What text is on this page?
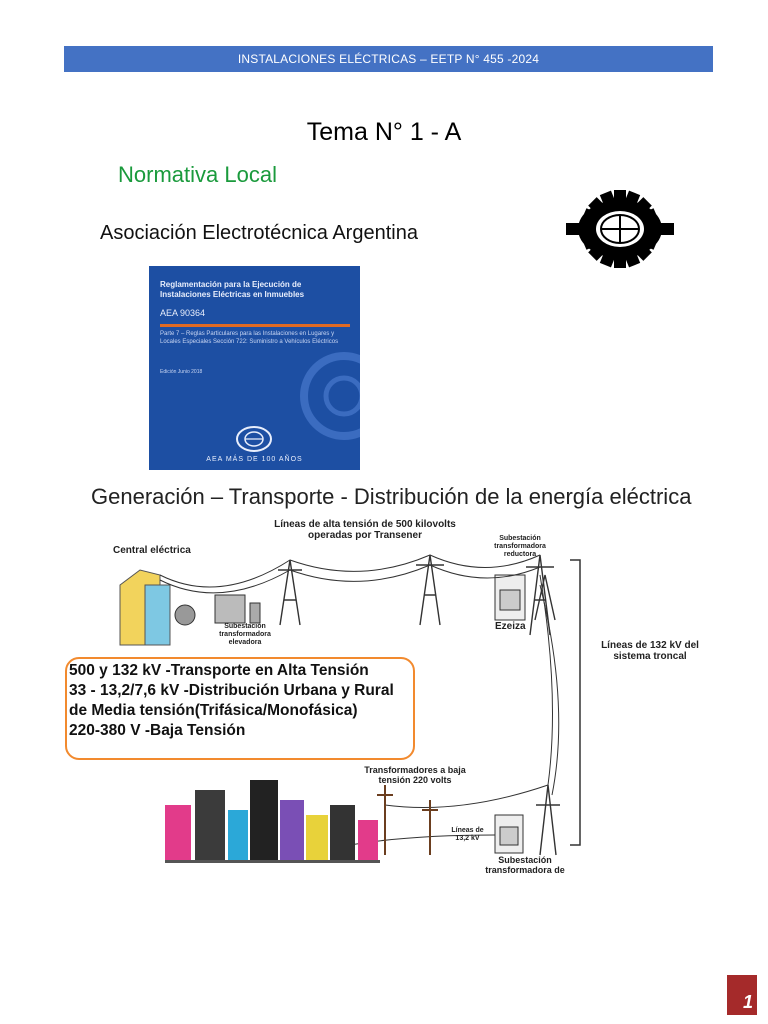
INSTALACIONES ELÉCTRICAS – EETP N° 455 -2024
Tema N° 1 - A
Normativa Local
Asociación Electrotécnica Argentina
Reglamentación para la Ejecución de Instalaciones Eléctricas en Inmuebles
AEA 90364
Parte 7 – Reglas Particulares para las Instalaciones en Lugares y Locales Especiales Sección 722: Suministro a Vehículos Eléctricos
Edición Junio 2018
AEA MÁS DE 100 AÑOS
Generación – Transporte - Distribución de la energía eléctrica
Central eléctrica
Líneas de alta tensión de 500 kilovolts operadas por Transener	Subestación transformadora reductora
Subestación transformadora elevadora
Ezeiza
Líneas de 132 kV del sistema troncal
Transformadores a baja tensión 220 volts
Líneas de 13,2 kV
Subestación transformadora de
500 y 132 kV -Transporte en Alta Tensión
33 - 13,2/7,6 kV -Distribución Urbana y Rural
de Media tensión(Trifásica/Monofásica)
220-380 V -Baja Tensión
1
